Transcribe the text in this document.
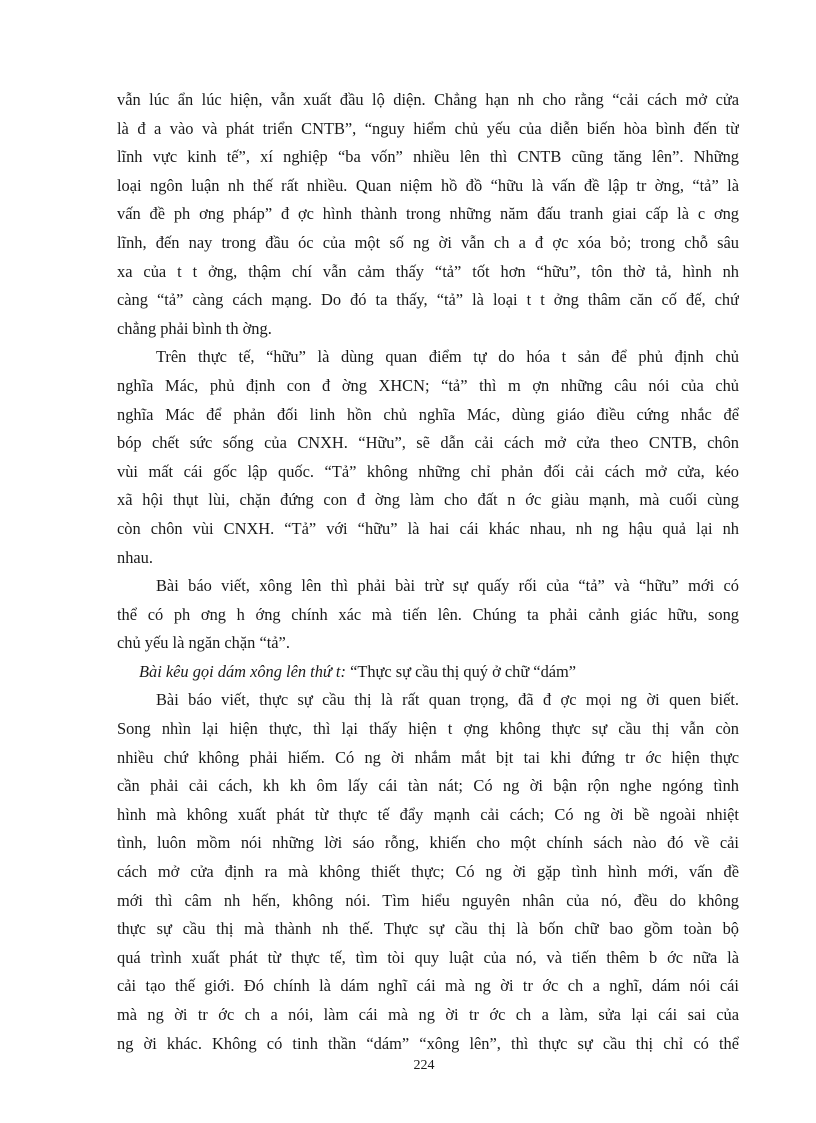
vẫn lúc ẩn lúc hiện, vẫn xuất đầu lộ diện. Chẳng hạn nh cho rằng “cải cách mở cửa
là đ a vào và phát triển CNTB”, “nguy hiểm chủ yếu của diễn biến hòa bình đến từ
lĩnh vực kinh tế”, xí nghiệp “ba vốn” nhiều lên thì CNTB cũng tăng lên”. Những
loại ngôn luận nh thế rất nhiều. Quan niệm hồ đồ “hữu là vấn đề lập tr ờng, “tả” là
vấn đề ph ơng pháp” đ ợc hình thành trong những năm đấu tranh giai cấp là c ơng
lĩnh, đến nay trong đầu óc của một số ng ời vẫn ch a đ ợc xóa bỏ; trong chỗ sâu
xa của t t ởng, thậm chí vẫn cảm thấy “tả” tốt hơn “hữu”, tôn thờ tả, hình nh
càng “tả” càng cách mạng. Do đó ta thấy, “tả” là loại t t ởng thâm căn cố đế, chứ
chẳng phải bình th ờng.
Trên thực tế, “hữu” là dùng quan điểm tự do hóa t sản để phủ định chủ
nghĩa Mác, phủ định con đ ờng XHCN; “tả” thì m ợn những câu nói của chủ
nghĩa Mác để phản đối linh hồn chủ nghĩa Mác, dùng giáo điều cứng nhắc để
bóp chết sức sống của CNXH. “Hữu”, sẽ dẫn cải cách mở cửa theo CNTB, chôn
vùi mất cái gốc lập quốc. “Tả” không những chỉ phản đối cải cách mở cửa, kéo
xã hội thụt lùi, chặn đứng con đ ờng làm cho đất n ớc giàu mạnh, mà cuối cùng
còn chôn vùi CNXH. “Tả” với “hữu” là hai cái khác nhau, nh ng hậu quả lại nh
nhau.
Bài báo viết, xông lên thì phải bài trừ sự quấy rối của “tả” và “hữu” mới có
thể có ph ơng h ớng chính xác mà tiến lên. Chúng ta phải cảnh giác hữu, song
chủ yếu là ngăn chặn “tả”.
Bài kêu gọi dám xông lên thứ t: “Thực sự cầu thị quý ở chữ “dám”
Bài báo viết, thực sự cầu thị là rất quan trọng, đã đ ợc mọi ng ời quen biết.
Song nhìn lại hiện thực, thì lại thấy hiện t ợng không thực sự cầu thị vẫn còn
nhiều chứ không phải hiếm. Có ng ời nhắm mắt bịt tai khi đứng tr ớc hiện thực
cần phải cải cách, kh kh ôm lấy cái tàn nát; Có ng ời bận rộn nghe ngóng tình
hình mà không xuất phát từ thực tế đẩy mạnh cải cách; Có ng ời bề ngoài nhiệt
tình, luôn mồm nói những lời sáo rỗng, khiến cho một chính sách nào đó về cải
cách mở cửa định ra mà không thiết thực; Có ng ời gặp tình hình mới, vấn đề
mới thì câm nh hến, không nói. Tìm hiểu nguyên nhân của nó, đều do không
thực sự cầu thị mà thành nh thế. Thực sự cầu thị là bốn chữ bao gồm toàn bộ
quá trình xuất phát từ thực tế, tìm tòi quy luật của nó, và tiến thêm b ớc nữa là
cải tạo thế giới. Đó chính là dám nghĩ cái mà ng ời tr ớc ch a nghĩ, dám nói cái
mà ng ời tr ớc ch a nói, làm cái mà ng ời tr ớc ch a làm, sửa lại cái sai của
ng ời khác. Không có tinh thần “dám” “xông lên”, thì thực sự cầu thị chỉ có thể
224
